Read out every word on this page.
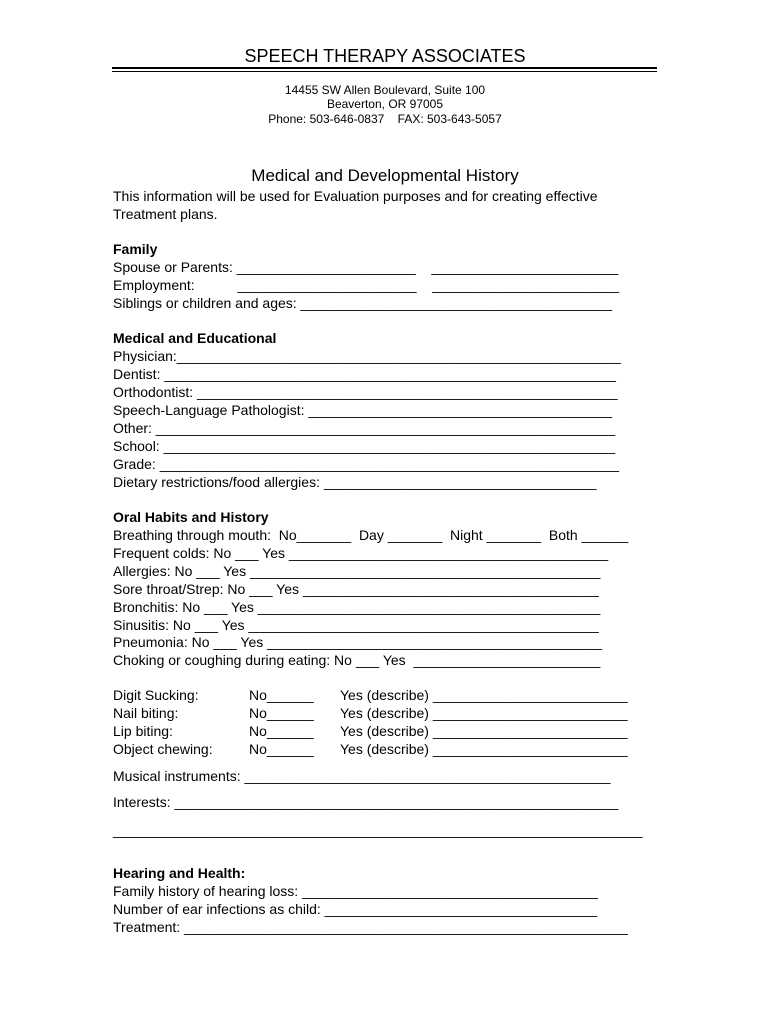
SPEECH THERAPY ASSOCIATES
14455 SW Allen Boulevard, Suite 100
Beaverton, OR 97005
Phone: 503-646-0837    FAX: 503-643-5057
Medical and Developmental History
This information will be used for Evaluation purposes and for creating effective
Treatment plans.
Family
Spouse or Parents: _______________________    ________________________
Employment:           _______________________    ________________________
Siblings or children and ages: ________________________________________
Medical and Educational
Physician:_________________________________________________________
Dentist: __________________________________________________________
Orthodontist: ______________________________________________________
Speech-Language Pathologist: _______________________________________
Other: ___________________________________________________________
School: __________________________________________________________
Grade: ___________________________________________________________
Dietary restrictions/food allergies: ___________________________________
Oral Habits and History
Breathing through mouth:  No_______  Day _______  Night _______  Both ______
Frequent colds: No ___ Yes _________________________________________
Allergies: No ___ Yes _____________________________________________
Sore throat/Strep: No ___ Yes ______________________________________
Bronchitis: No ___ Yes ____________________________________________
Sinusitis: No ___ Yes _____________________________________________
Pneumonia: No ___ Yes ___________________________________________
Choking or coughing during eating: No ___ Yes  ________________________
Digit Sucking:	No______ Yes (describe) _________________________
Nail biting:	No______ Yes (describe) _________________________
Lip biting:	No______ Yes (describe) _________________________
Object chewing:	No______ Yes (describe) _________________________
Musical instruments: _______________________________________________
Interests: _________________________________________________________
____________________________________________________________________
Hearing and Health:
Family history of hearing loss: ______________________________________
Number of ear infections as child: ___________________________________
Treatment: _________________________________________________________
